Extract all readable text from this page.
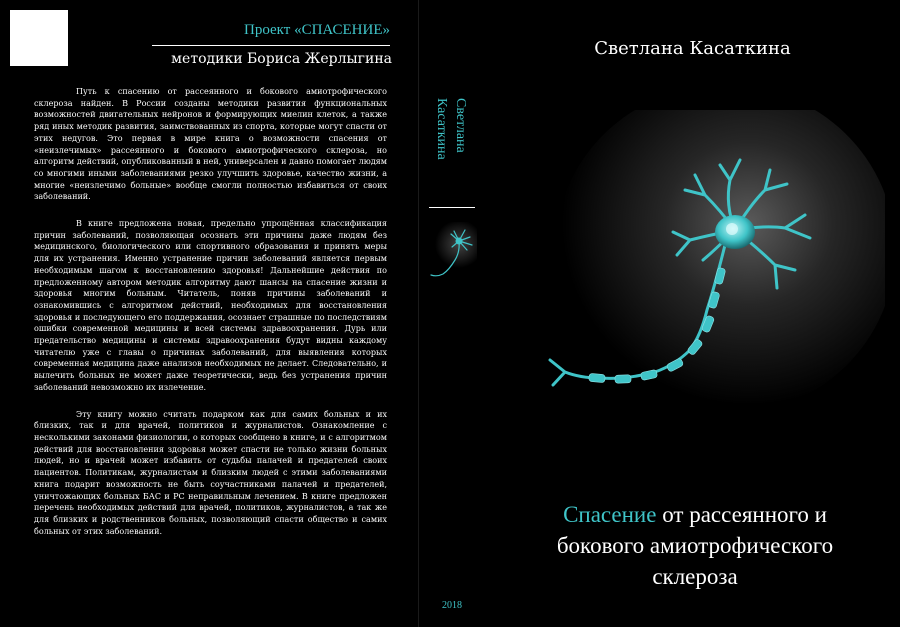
Проект «СПАСЕНИЕ»
методики Бориса Жерлыгина

Путь к спасению от рассеянного и бокового амиотрофического склероза найден. В России созданы методики развития функциональных возможностей двигательных нейронов и формирующих миелин клеток, а также ряд иных методик развития, заимствованных из спорта, которые могут спасти от этих недугов. Это первая в мире книга о возможности спасения от «неизлечимых» рассеянного и бокового амиотрофического склероза, но алгоритм действий, опубликованный в ней, универсален и давно помогает людям со многими иными заболеваниями резко улучшить здоровье, качество жизни, а многие «неизлечимо больные» вообще смогли полностью избавиться от своих заболеваний.

В книге предложена новая, предельно упрощённая классификация причин заболеваний, позволяющая осознать эти причины даже людям без медицинского, биологического или спортивного образования и принять меры для их устранения. Именно устранение причин заболеваний является первым необходимым шагом к восстановлению здоровья! Дальнейшие действия по предложенному автором методик алгоритму дают шансы на спасение жизни и здоровья многим больным. Читатель, поняв причины заболеваний и ознакомившись с алгоритмом действий, необходимых для восстановления здоровья и последующего его поддержания, осознает страшные по последствиям ошибки современной медицины и всей системы здравоохранения. Дурь или предательство медицины и системы здравоохранения будут видны каждому читателю уже с главы о причинах заболеваний, для выявления которых современная медицина даже анализов необходимых не делает. Следовательно, и вылечить больных не может даже теоретически, ведь без устранения причин заболеваний невозможно их излечение.

Эту книгу можно считать подарком как для самих больных и их близких, так и для врачей, политиков и журналистов. Ознакомление с несколькими законами физиологии, о которых сообщено в книге, и с алгоритмом действий для восстановления здоровья может спасти не только жизни больных людей, но и врачей может избавить от судьбы палачей и предателей своих пациентов. Политикам, журналистам и близким людей с этими заболеваниями книга подарит возможность не быть соучастниками палачей и предателей, уничтожающих больных БАС и РС неправильным лечением. В книге предложен перечень необходимых действий для врачей, политиков, журналистов, а так же для близких и родственников больных, позволяющий спасти общество и самих больных от этих заболеваний.

Светлана
Касаткина
2018
Светлана Касаткина
Спасение от рассеянного и
бокового амиотрофического
склероза
